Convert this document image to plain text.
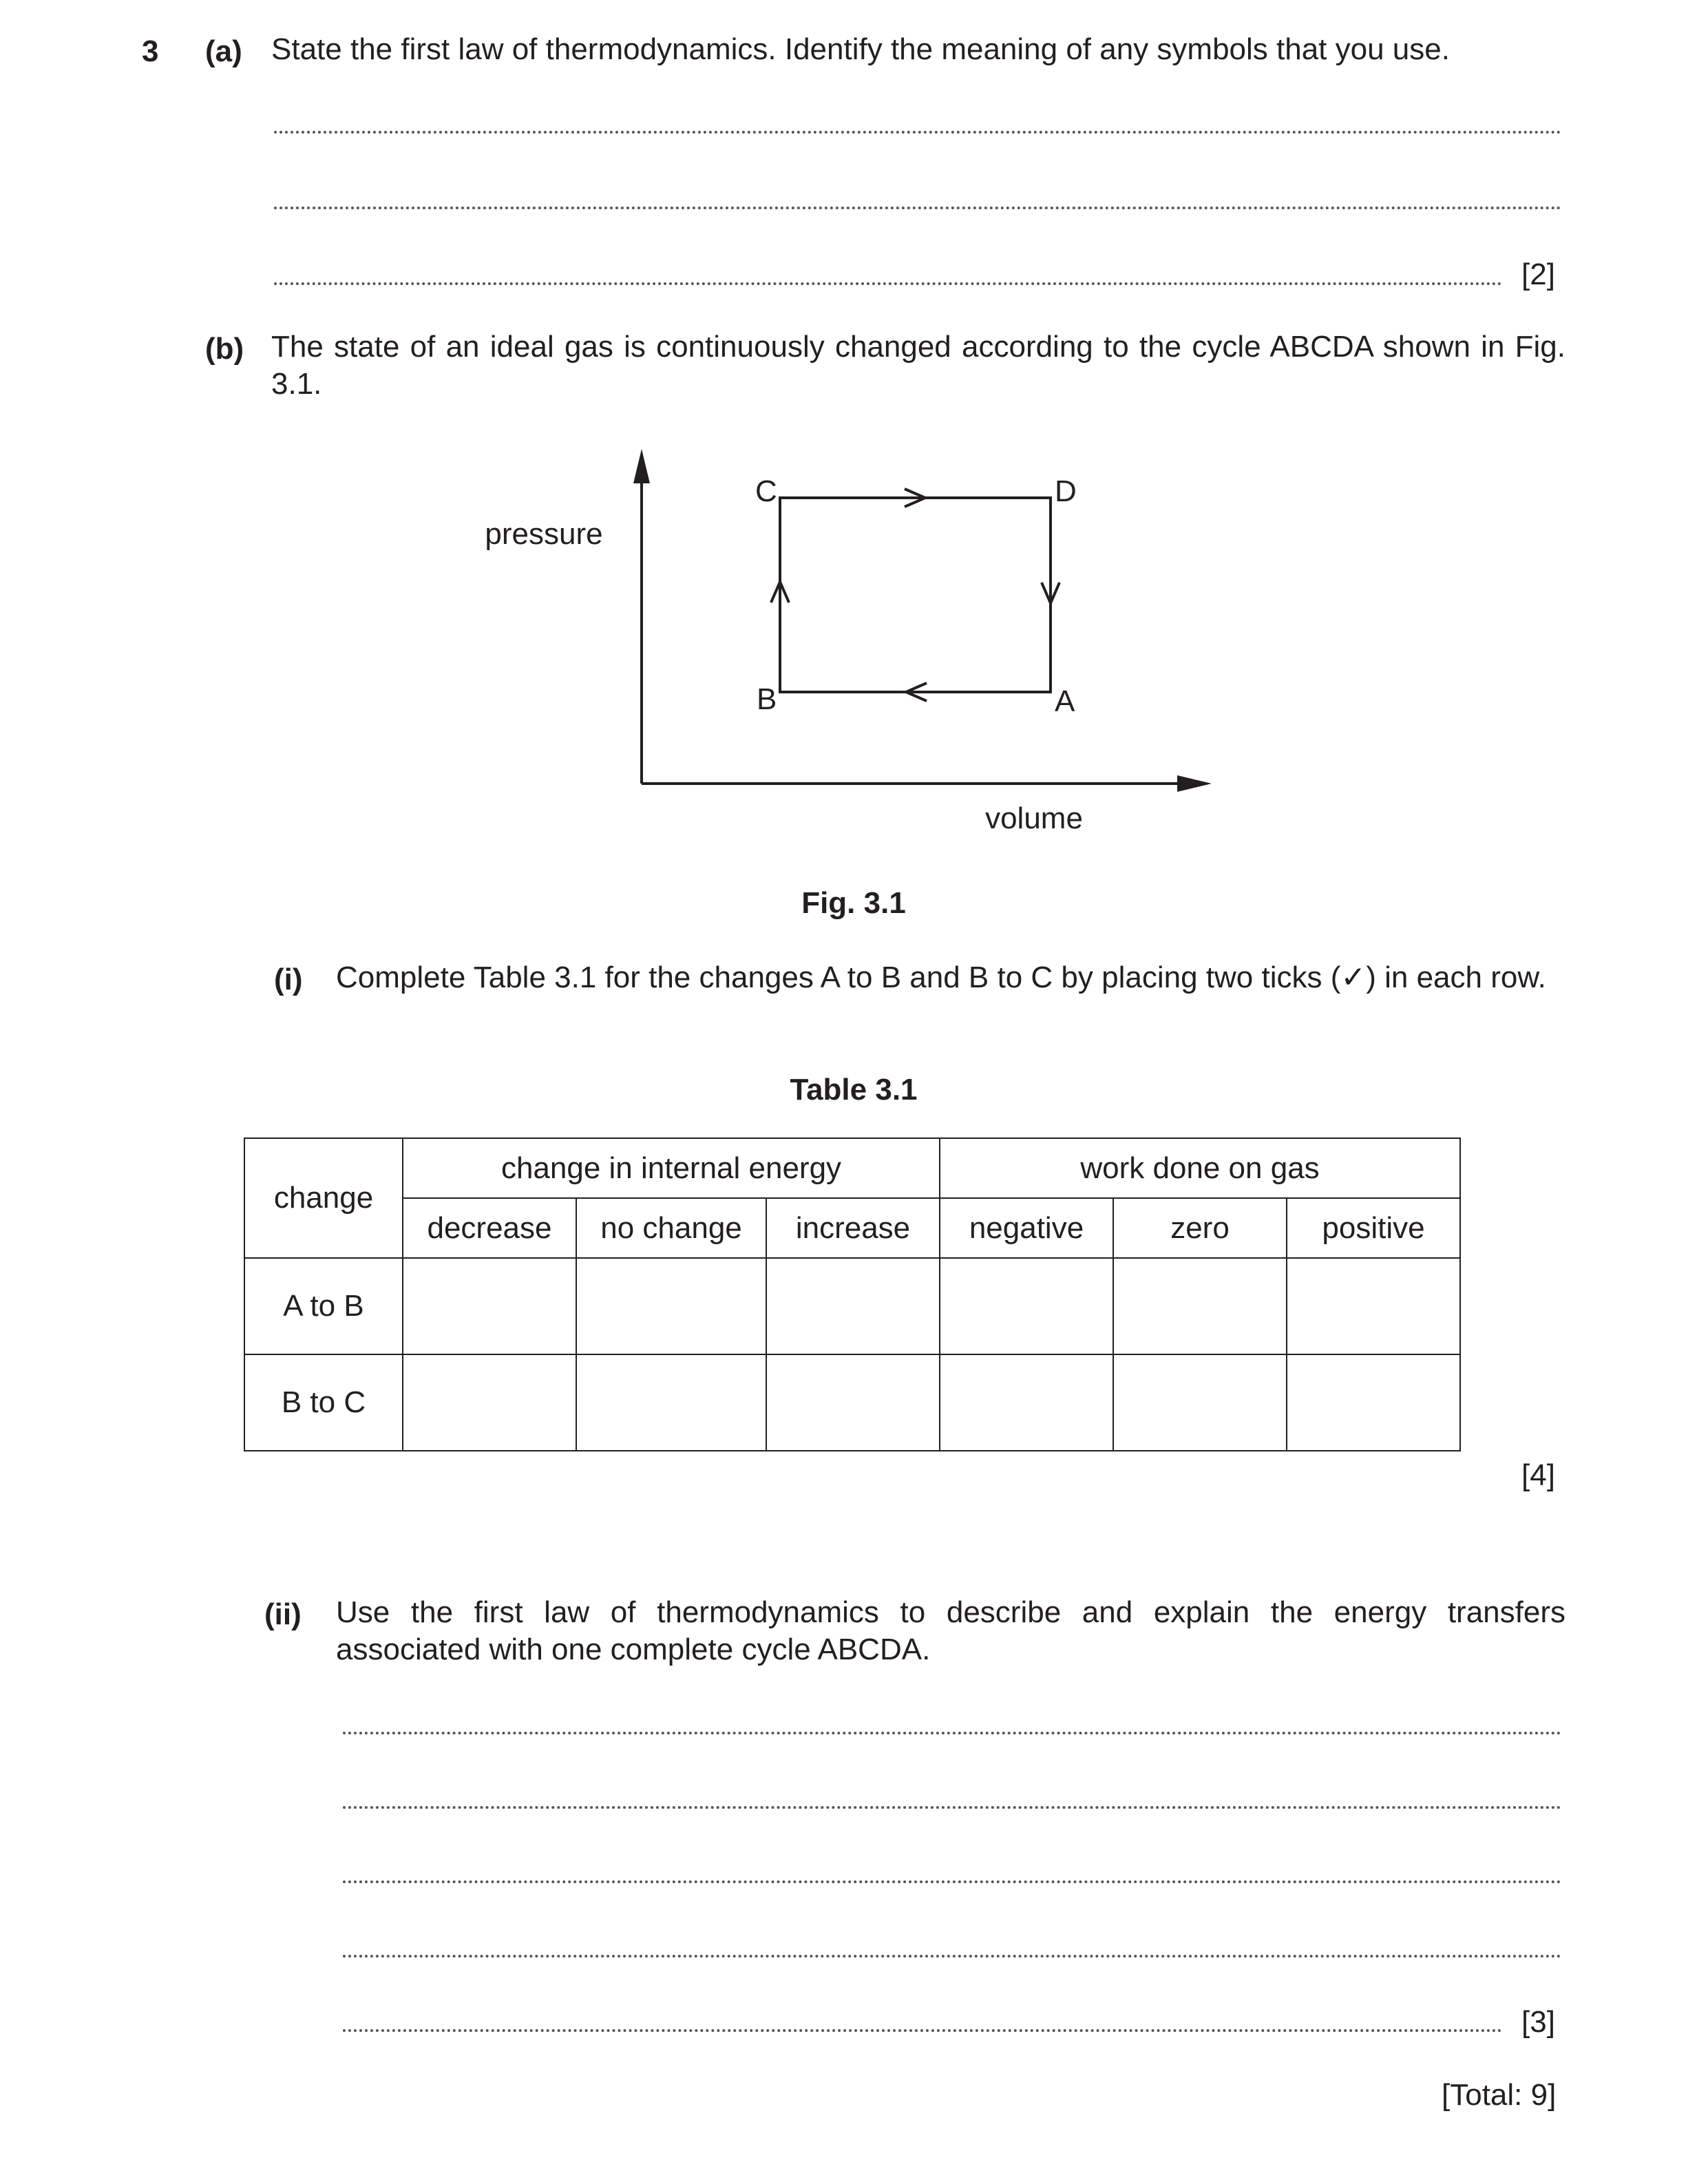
3 (a) State the first law of thermodynamics. Identify the meaning of any symbols that you use.
[2]
(b) The state of an ideal gas is continuously changed according to the cycle ABCDA shown in Fig. 3.1.
pressure
volume
C	D
B	A
Fig. 3.1
(i) Complete Table 3.1 for the changes A to B and B to C by placing two ticks (✓) in each row.
Table 3.1
change	change in internal energy			work done on gas		
	decrease	no change	increase	negative	zero	positive
A to B						
B to C						
[4]
(ii) Use the first law of thermodynamics to describe and explain the energy transfers associated with one complete cycle ABCDA.
[3]
[Total: 9]
